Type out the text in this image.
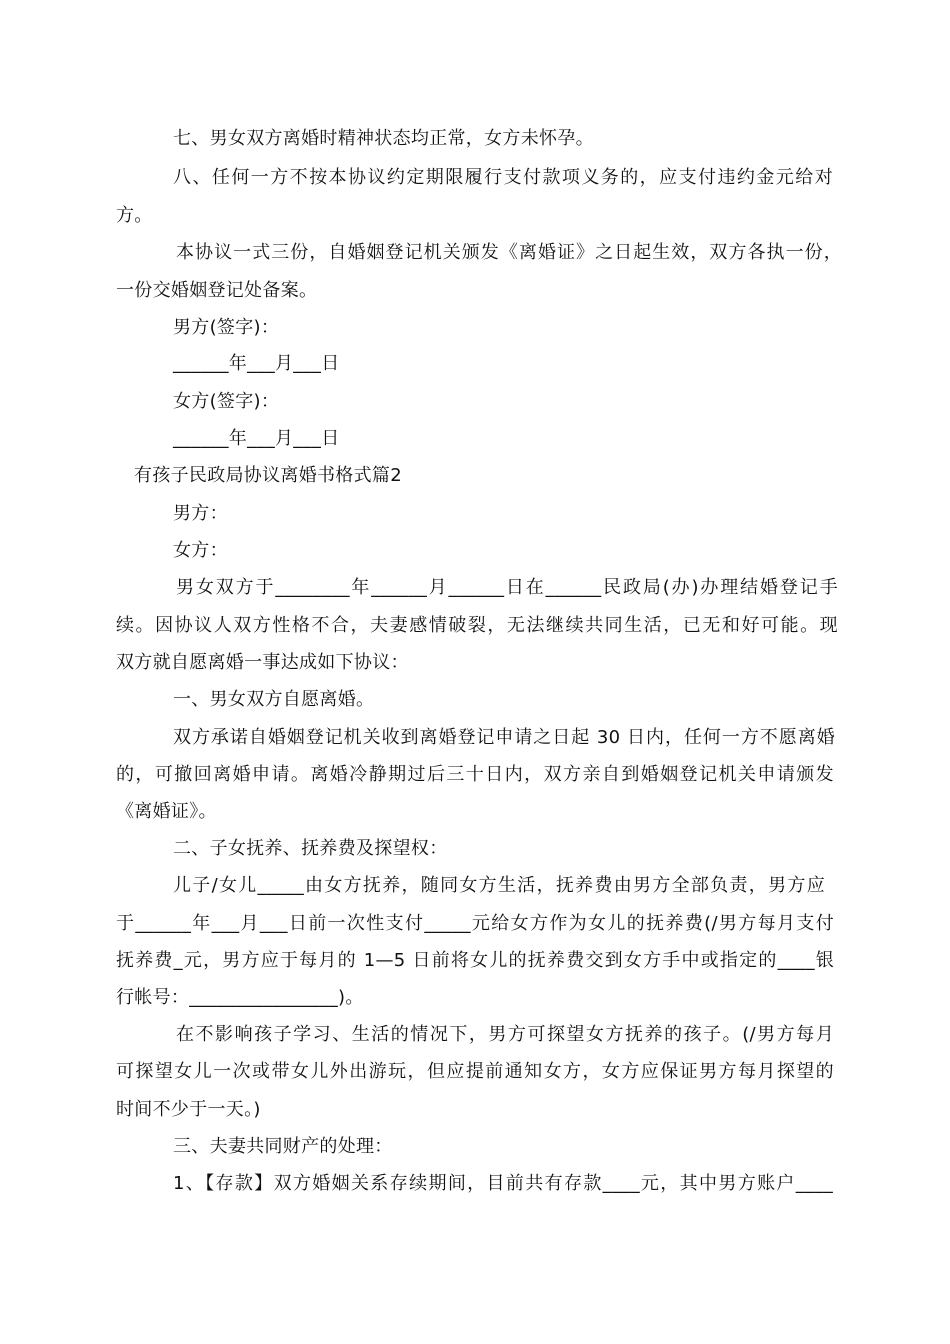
七、男女双方离婚时精神状态均正常，女方未怀孕。
八、任何一方不按本协议约定期限履行支付款项义务的，应支付违约金元给对
方。
本协议一式三份，自婚姻登记机关颁发《离婚证》之日起生效，双方各执一份，
一份交婚姻登记处备案。
男方(签字)：
______年___月___日
女方(签字)：
______年___月___日
有孩子民政局协议离婚书格式篇2
男方：
女方：
男女双方于________年______月______日在______民政局(办)办理结婚登记手
续。因协议人双方性格不合，夫妻感情破裂，无法继续共同生活，已无和好可能。现
双方就自愿离婚一事达成如下协议：
一、男女双方自愿离婚。
双方承诺自婚姻登记机关收到离婚登记申请之日起 30 日内，任何一方不愿离婚
的，可撤回离婚申请。离婚冷静期过后三十日内，双方亲自到婚姻登记机关申请颁发
《离婚证》。
二、子女抚养、抚养费及探望权：
儿子/女儿_____由女方抚养，随同女方生活，抚养费由男方全部负责，男方应
于______年___月___日前一次性支付_____元给女方作为女儿的抚养费(/男方每月支付
抚养费_元，男方应于每月的 1—5 日前将女儿的抚养费交到女方手中或指定的____银
行帐号：________________)。
在不影响孩子学习、生活的情况下，男方可探望女方抚养的孩子。(/男方每月
可探望女儿一次或带女儿外出游玩，但应提前通知女方，女方应保证男方每月探望的
时间不少于一天。)
三、夫妻共同财产的处理：
1、【存款】双方婚姻关系存续期间，目前共有存款____元，其中男方账户____
